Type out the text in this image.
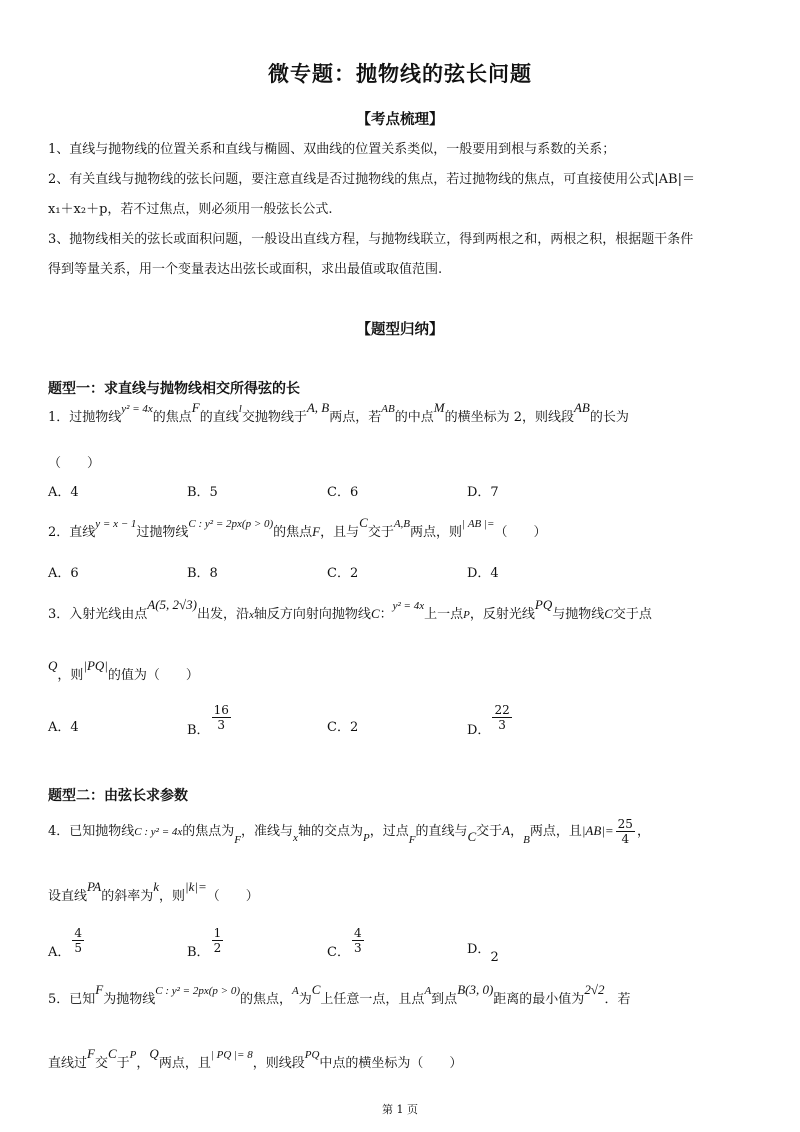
微专题：抛物线的弦长问题
【考点梳理】
1、直线与抛物线的位置关系和直线与椭圆、双曲线的位置关系类似，一般要用到根与系数的关系；
2、有关直线与抛物线的弦长问题，要注意直线是否过抛物线的焦点，若过抛物线的焦点，可直接使用公式|AB|＝
x₁＋x₂＋p，若不过焦点，则必须用一般弦长公式.
3、抛物线相关的弦长或面积问题，一般设出直线方程，与抛物线联立，得到两根之和，两根之积，根据题干条件
得到等量关系，用一个变量表达出弦长或面积，求出最值或取值范围.
【题型归纳】
题型一：求直线与抛物线相交所得弦的长
1．过抛物线$^{y^2 = 4x}$的焦点F的直线$^l$交抛物线于A, B两点，若$^{AB}$的中点M的横坐标为 2，则线段AB的长为
（　　）
A．4	B．5	C．6	D．7
2．直线$^{y = x - 1}$过抛物线$^{C : y^2 = 2px(p > 0)}$的焦点F，且与C交于$^{A,B}$两点，则$^{| AB |=}$（　　）
A．6	B．8	C．2	D．4
3．入射光线由点A(5, 2√3)出发，沿x轴反方向射向抛物线C：$^{y^2 = 4x}$上一点P，反射光线PQ与抛物线C交于点
Q，则|PQ|的值为（　　）
A．4	B． $\frac{16}{3}$	C．2	D． $\frac{22}{3}$
题型二：由弦长求参数
4．已知抛物线C : y² = 4x的焦点为$_F$，准线与$_x$轴的交点为$_P$，过点$_F$的直线与C交于A，$_B$两点，且$|AB|= \frac{25}{4}$ ，
设直线PA的斜率为k，则|k|=（　　）
A． $\frac{4}{5}$	B． $\frac{1}{2}$	C． $\frac{4}{3}$	D．2
5．已知F为抛物线$^{C : y^2 = 2px(p > 0)}$的焦点，$^A$为C上任意一点，且点$^A$到点B(3, 0)距离的最小值为2√2．若
直线过F交C于$^P$，Q两点，且$^{| PQ |= 8}$，则线段$^{PQ}$中点的横坐标为（　　）
第 1 页
